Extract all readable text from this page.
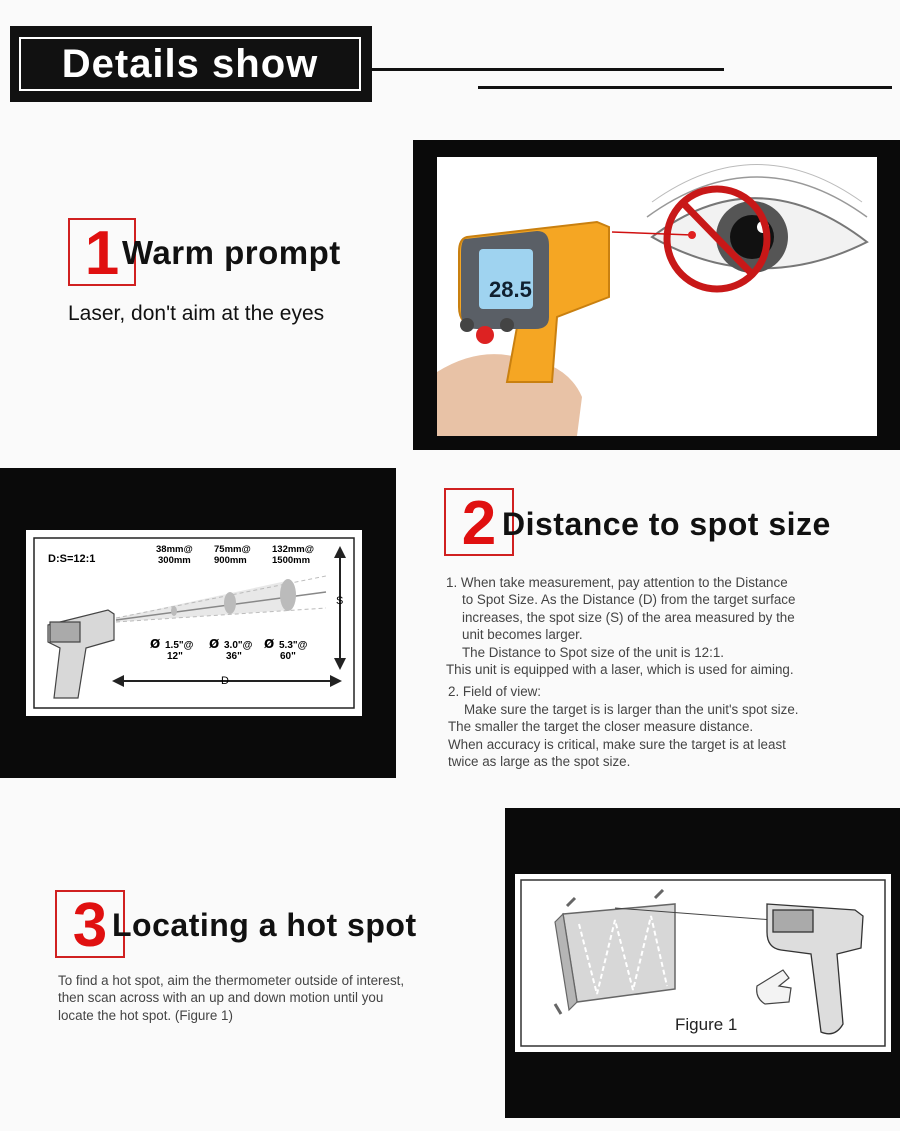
Details show
1 Warm prompt
Laser, don't aim at the eyes
28.5
D:S=12:1
38mm@
300mm
75mm@
900mm
132mm@
1500mm
Ø 1.5"@
12"
Ø 3.0"@
36"
Ø 5.3"@
60"
S
D
2 Distance to spot size
1. When take measurement, pay attention to the Distance
to Spot Size. As the Distance (D) from the target surface
increases, the spot size (S) of the area measured by the
unit becomes larger.
The Distance to Spot size of the unit is 12:1.
This unit is equipped with a laser, which is used for aiming.
2. Field of view:
Make sure the target is is larger than the unit's spot size.
The smaller the target the closer measure distance.
When accuracy is critical, make sure the target is at least
twice as large as the spot size.
3 Locating a hot spot
To find a hot spot, aim the thermometer outside of interest,
then scan across with an up and down motion until you
locate the hot spot. (Figure 1)	Figure 1
